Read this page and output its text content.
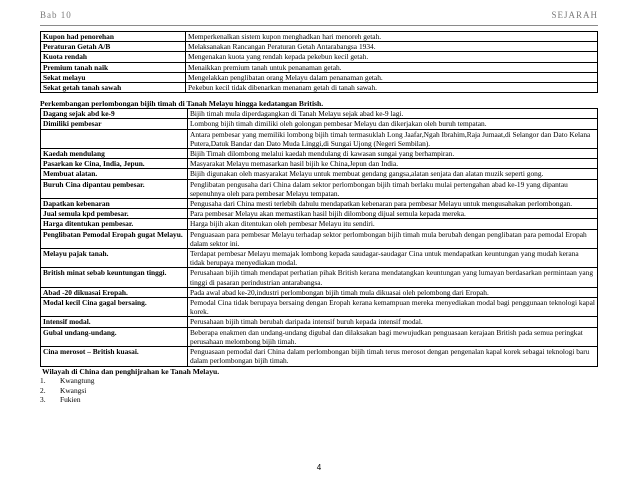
Bab 10	SEJARAH
Kupon had penorehan	Memperkenalkan sistem kupon menghadkan hari menoreh getah.
Peraturan Getah A/B	Melaksanakan Rancangan Peraturan Getah Antarabangsa 1934.
Kuota rendah	Mengenakan kuota yang rendah kepada pekebun kecil getah.
Premium tanah naik	Menaikkan premium tanah untuk penanaman getah.
Sekat melayu	Mengelakkan penglibatan orang Melayu dalam penanaman getah.
Sekat getah tanah sawah	Pekebun kecil tidak dibenarkan menanam getah di tanah sawah.
Perkembangan perlombongan bijih timah di Tanah Melayu hingga kedatangan British.
Dagang sejak abd ke-9	Bijih timah mula diperdagangkan di Tanah Melayu sejak abad ke-9 lagi.
Dimiliki pembesar	Lombong bijih timah dimiliki oleh golongan pembesar Melayu dan dikerjakan oleh buruh tempatan.
	Antara pembesar yang memiliki lombong bijih timah termasuklah Long Jaafar,Ngah Ibrahim,Raja Jumaat,di Selangor dan Dato Kelana Putera,Datuk Bandar dan Dato Muda Linggi,di Sungai Ujong (Negeri Sembilan).
Kaedah mendulang	Bijih Timah dilombong melalui kaedah mendulang di kawasan sungai yang berhampiran.
Pasarkan ke Cina, India, Jepun.	Masyarakat Melayu memasarkan hasil bijih ke China,Jepun dan India.
Membuat alatan.	Bijih digunakan oleh masyarakat Melayu untuk membuat gendang gangsa,alatan senjata dan alatan muzik seperti gong.
Buruh Cina dipantau pembesar.	Penglibatan pengusaha dari China dalam sektor perlombongan bijih timah berlaku mulai pertengahan abad ke-19 yang dipantau sepenuhnya oleh para pembesar Melayu tempatan.
Dapatkan kebenaran	Pengusaha dari China mesti terlebih dahulu mendapatkan kebenaran para pembesar Melayu untuk mengusahakan perlombongan.
Jual semula kpd pembesar.	Para pembesar Melayu akan memastikan hasil bijih dilombong dijual semula kepada mereka.
Harga ditentukan pembesar.	Harga bijih akan ditentukan oleh pembesar Melayu itu sendiri.
Penglibatan Pemodal Eropah gugat Melayu.	Penguasaan para pembesar Melayu terhadap sektor perlombongan bijih timah mula berubah dengan penglibatan para pemodal Eropah dalam sektor ini.
Melayu pajak tanah.	Terdapat pembesar Melayu memajak lombong kepada saudagar-saudagar Cina untuk mendapatkan keuntungan yang mudah kerana tidak berupaya menyediakan modal.
British minat sebab keuntungan tinggi.	Perusahaan bijih timah mendapat perhatian pihak British kerana mendatangkan keuntungan yang lumayan berdasarkan permintaan yang tinggi di pasaran perindustrian antarabangsa.
Abad -20 dikuasai Eropah.	Pada awal abad ke-20,industri perlombongan bijih timah mula dikuasai oleh pelombong dari Eropah.
Modal kecil Cina gagal bersaing.	Pemodal Cina tidak berupaya bersaing dengan Eropah kerana kemampuan mereka menyediakan modal bagi penggunaan teknologi kapal korek.
Intensif modal.	Perusahaan bijih timah berubah daripada intensif buruh kepada intensif modal.
Gubal undang-undang.	Beberapa enakmen dan undang-undang digubal dan dilaksakan bagi mewujudkan penguasaan kerajaan British pada semua peringkat perusahaan melombong bijih timah.
Cina merosot – British kuasai.	Penguasaan pemodal dari China dalam perlombongan bijih timah terus merosot dengan pengenalan kapal korek sebagai teknologi baru dalam perlombongan bijih timah.
Wilayah di China dan penghijrahan ke Tanah Melayu.
1. Kwangtung
2. Kwangsi
3. Fukien
4
